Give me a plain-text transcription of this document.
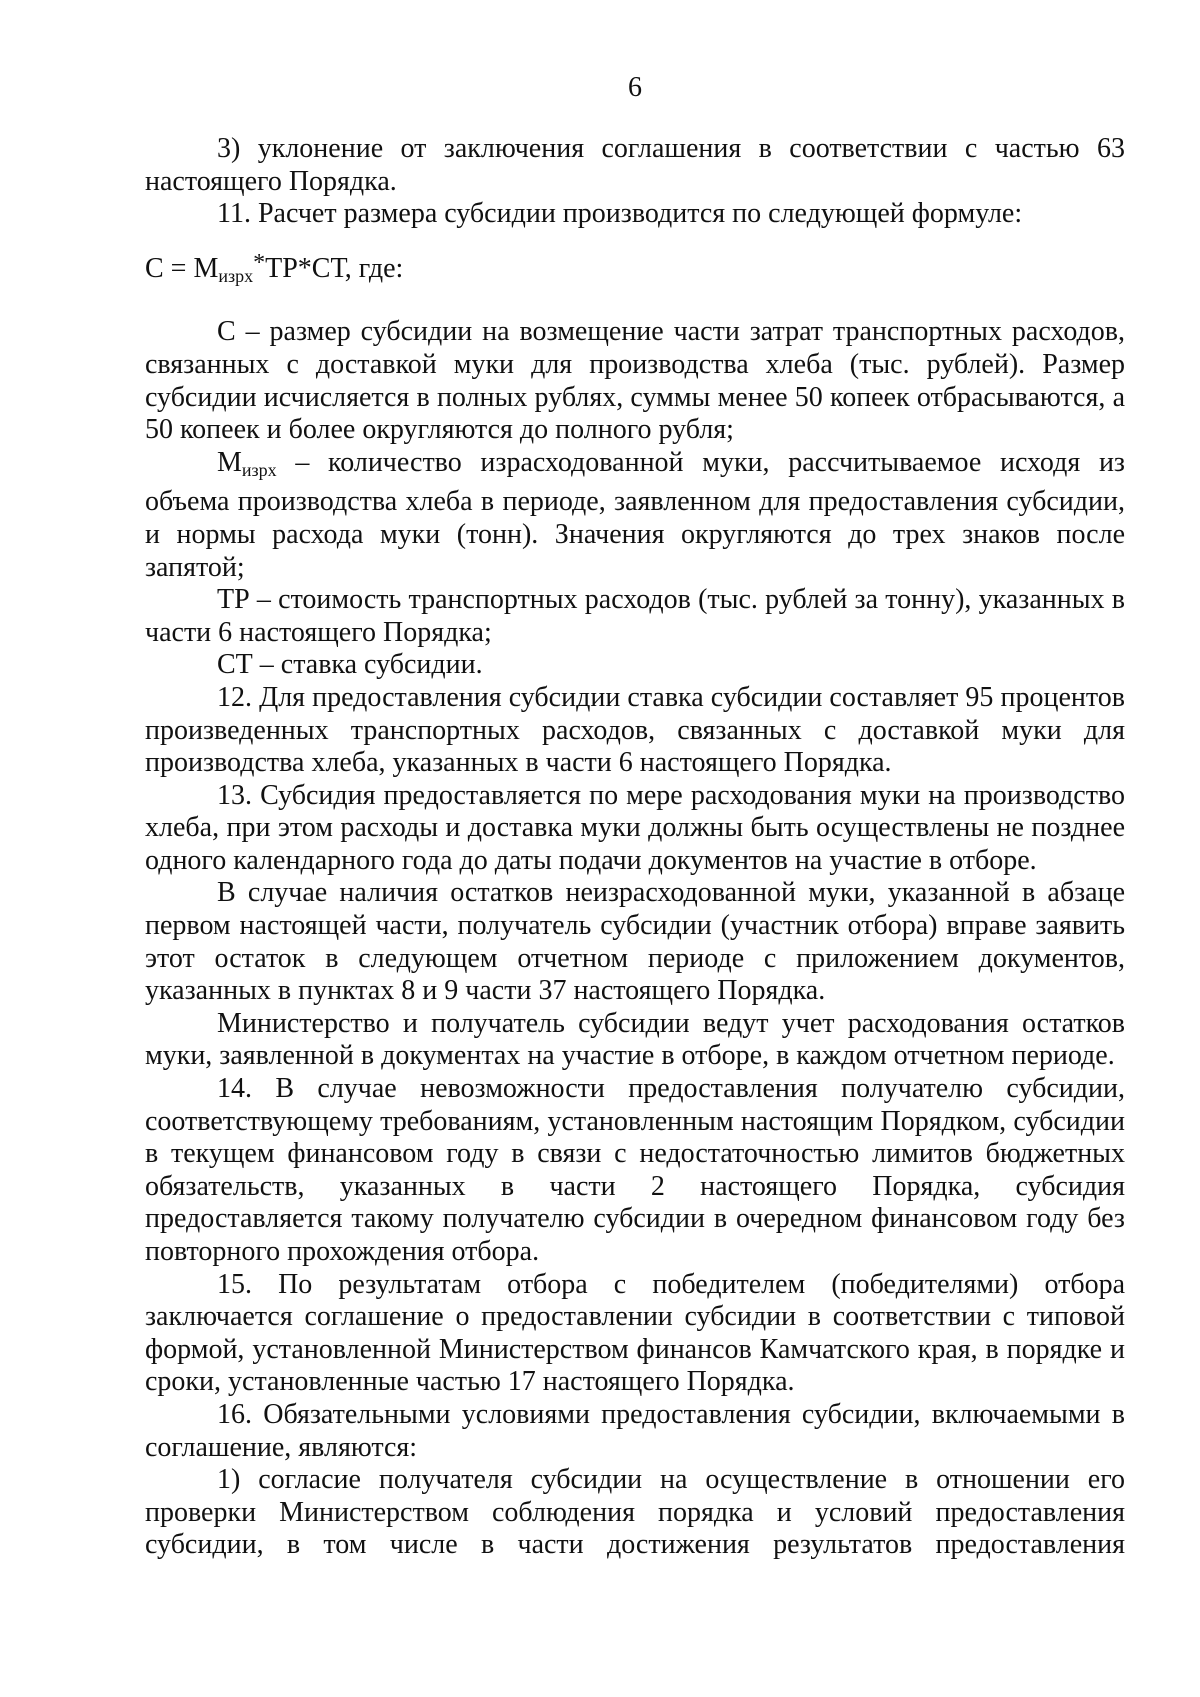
6

3) уклонение от заключения соглашения в соответствии с частью 63 настоящего Порядка.

11. Расчет размера субсидии производится по следующей формуле:

$С = М_{изрх}*ТР*СТ$, где:

С – размер субсидии на возмещение части затрат транспортных расходов, связанных с доставкой муки для производства хлеба (тыс. рублей). Размер субсидии исчисляется в полных рублях, суммы менее 50 копеек отбрасываются, а 50 копеек и более округляются до полного рубля;

Мизрх – количество израсходованной муки, рассчитываемое исходя из объема производства хлеба в периоде, заявленном для предоставления субсидии, и нормы расхода муки (тонн). Значения округляются до трех знаков после запятой;

ТР – стоимость транспортных расходов (тыс. рублей за тонну), указанных в части 6 настоящего Порядка;

СТ – ставка субсидии.

12. Для предоставления субсидии ставка субсидии составляет 95 процентов произведенных транспортных расходов, связанных с доставкой муки для производства хлеба, указанных в части 6 настоящего Порядка.

13. Субсидия предоставляется по мере расходования муки на производство хлеба, при этом расходы и доставка муки должны быть осуществлены не позднее одного календарного года до даты подачи документов на участие в отборе.

В случае наличия остатков неизрасходованной муки, указанной в абзаце первом настоящей части, получатель субсидии (участник отбора) вправе заявить этот остаток в следующем отчетном периоде с приложением документов, указанных в пунктах 8 и 9 части 37 настоящего Порядка.

Министерство и получатель субсидии ведут учет расходования остатков муки, заявленной в документах на участие в отборе, в каждом отчетном периоде.

14. В случае невозможности предоставления получателю субсидии, соответствующему требованиям, установленным настоящим Порядком, субсидии в текущем финансовом году в связи с недостаточностью лимитов бюджетных обязательств, указанных в части 2 настоящего Порядка, субсидия предоставляется такому получателю субсидии в очередном финансовом году без повторного прохождения отбора.

15. По результатам отбора с победителем (победителями) отбора заключается соглашение о предоставлении субсидии в соответствии с типовой формой, установленной Министерством финансов Камчатского края, в порядке и сроки, установленные частью 17 настоящего Порядка.

16. Обязательными условиями предоставления субсидии, включаемыми в соглашение, являются:

1) согласие получателя субсидии на осуществление в отношении его проверки Министерством соблюдения порядка и условий предоставления субсидии, в том числе в части достижения результатов предоставления
